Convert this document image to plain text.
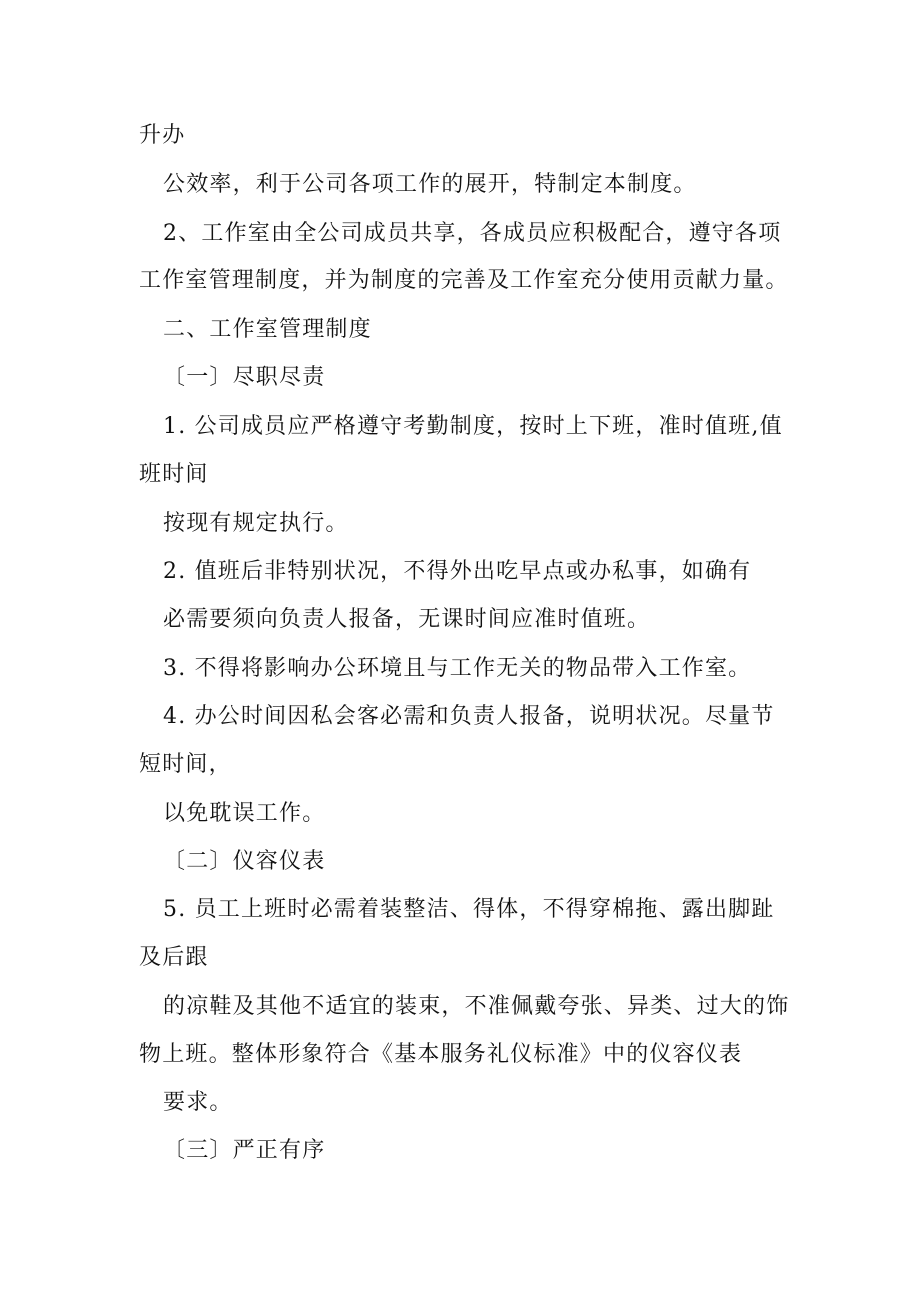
升办
公效率，利于公司各项工作的展开，特制定本制度。
2、工作室由全公司成员共享，各成员应积极配合，遵守各项
工作室管理制度，并为制度的完善及工作室充分使用贡献力量。
二、工作室管理制度
〔一〕尽职尽责
1. 公司成员应严格遵守考勤制度，按时上下班，准时值班,值
班时间
按现有规定执行。
2. 值班后非特别状况，不得外出吃早点或办私事，如确有
必需要须向负责人报备，无课时间应准时值班。
3. 不得将影响办公环境且与工作无关的物品带入工作室。
4. 办公时间因私会客必需和负责人报备，说明状况。尽量节
短时间，
以免耽误工作。
〔二〕仪容仪表
5. 员工上班时必需着装整洁、得体，不得穿棉拖、露出脚趾
及后跟
的凉鞋及其他不适宜的装束，不准佩戴夸张、异类、过大的饰
物上班。整体形象符合《基本服务礼仪标准》中的仪容仪表
要求。
〔三〕严正有序
